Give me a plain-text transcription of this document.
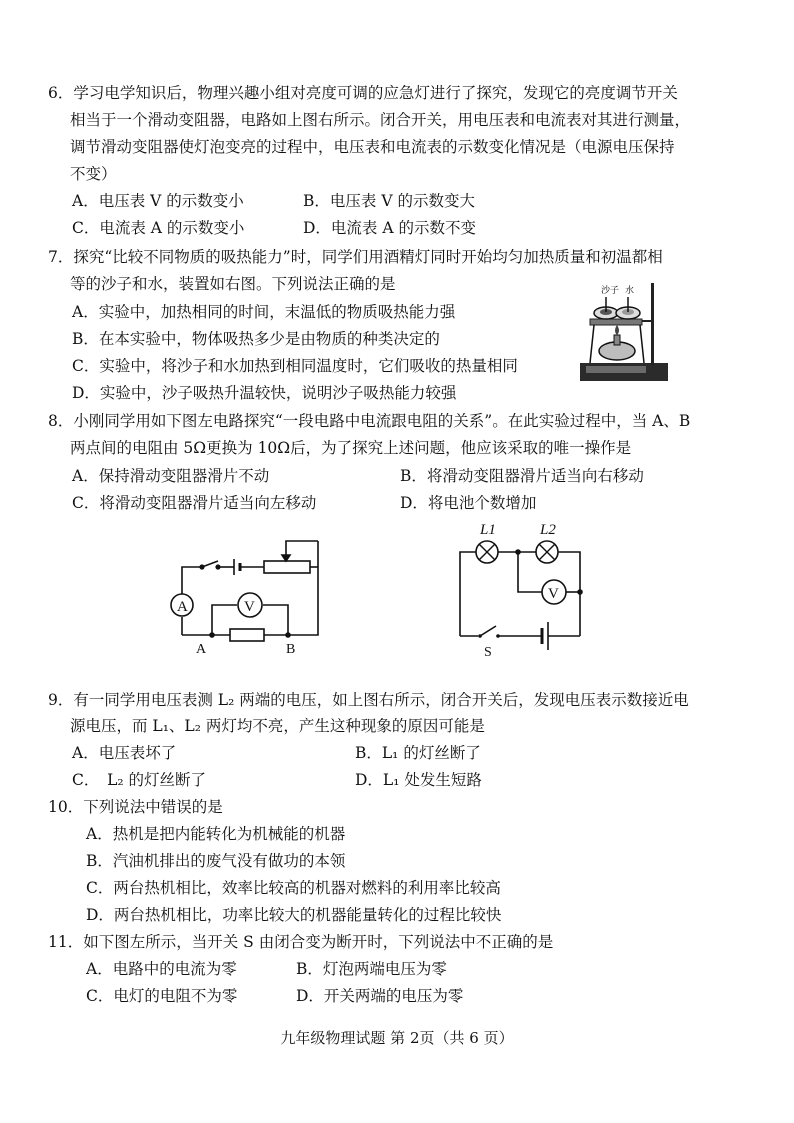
6．学习电学知识后，物理兴趣小组对亮度可调的应急灯进行了探究，发现它的亮度调节开关
相当于一个滑动变阻器，电路如上图右所示。闭合开关，用电压表和电流表对其进行测量，
调节滑动变阻器使灯泡变亮的过程中，电压表和电流表的示数变化情况是（电源电压保持
不变）
A．电压表 V 的示数变小	B．电压表 V 的示数变大
C．电流表 A 的示数变小	D．电流表 A 的示数不变
7．探究“比较不同物质的吸热能力”时，同学们用酒精灯同时开始均匀加热质量和初温都相
等的沙子和水，装置如右图。下列说法正确的是
A．实验中，加热相同的时间，末温低的物质吸热能力强
B．在本实验中，物体吸热多少是由物质的种类决定的
C．实验中，将沙子和水加热到相同温度时，它们吸收的热量相同
D．实验中，沙子吸热升温较快，说明沙子吸热能力较强
沙子 水
8．小刚同学用如下图左电路探究“一段电路中电流跟电阻的关系”。在此实验过程中，当 A、B
两点间的电阻由 5Ω更换为 10Ω后，为了探究上述问题，他应该采取的唯一操作是
A．保持滑动变阻器滑片不动	B．将滑动变阻器滑片适当向右移动
C．将滑动变阻器滑片适当向左移动	D．将电池个数增加
A	V
A	B
V
L1	L2
S
9．有一同学用电压表测 L₂ 两端的电压，如上图右所示，闭合开关后，发现电压表示数接近电
源电压，而 L₁、L₂ 两灯均不亮，产生这种现象的原因可能是
A．电压表坏了	B．L₁ 的灯丝断了
C．　L₂ 的灯丝断了	D．L₁ 处发生短路
10．下列说法中错误的是
A．热机是把内能转化为机械能的机器
B．汽油机排出的废气没有做功的本领
C．两台热机相比，效率比较高的机器对燃料的利用率比较高
D．两台热机相比，功率比较大的机器能量转化的过程比较快
11．如下图左所示，当开关 S 由闭合变为断开时，下列说法中不正确的是
A．电路中的电流为零	B．灯泡两端电压为零
C．电灯的电阻不为零	D．开关两端的电压为零
九年级物理试题 第 2页（共 6 页）
